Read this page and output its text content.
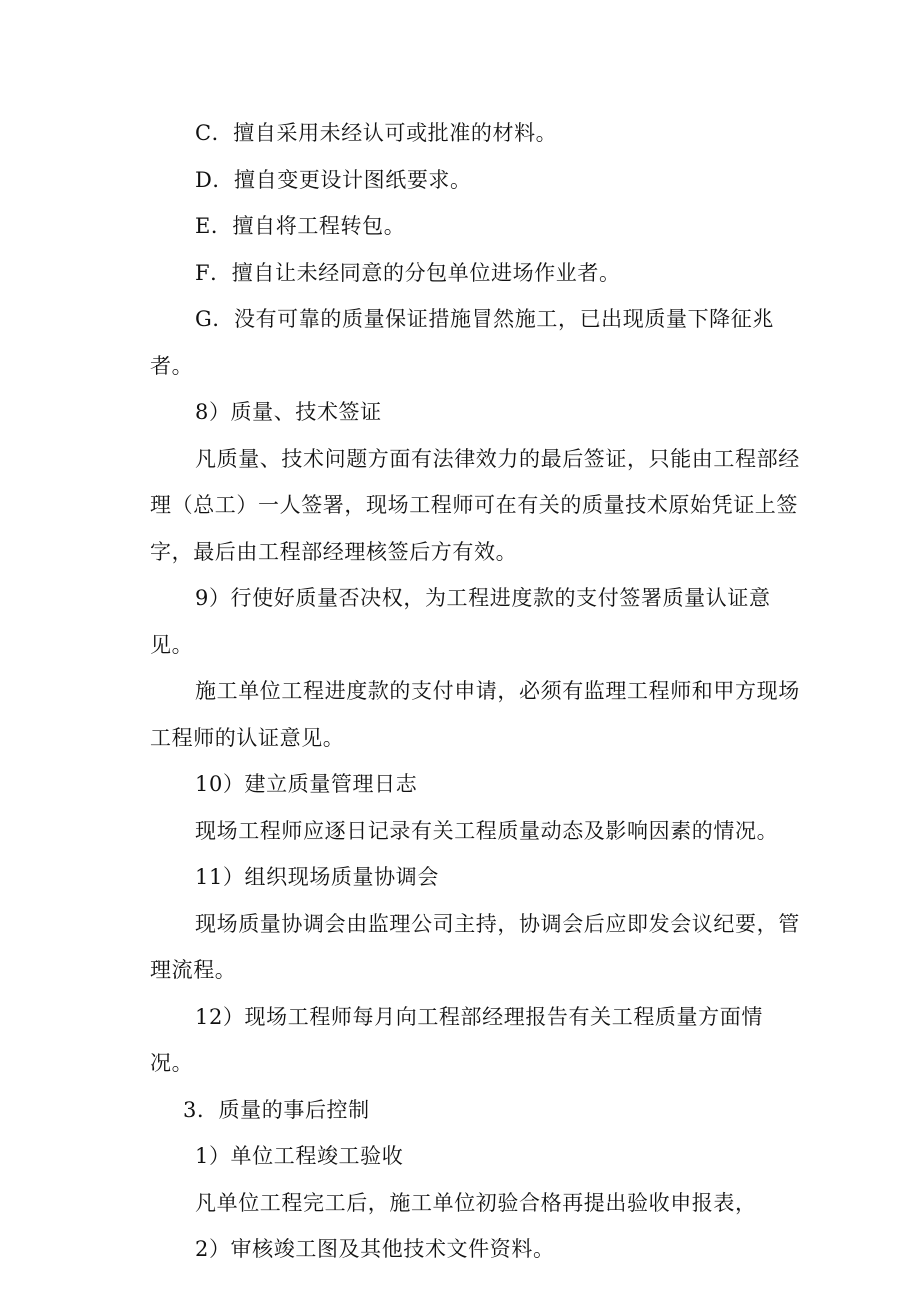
C．擅自采用未经认可或批准的材料。

D．擅自变更设计图纸要求。

E．擅自将工程转包。

F．擅自让未经同意的分包单位进场作业者。

G．没有可靠的质量保证措施冒然施工，已出现质量下降征兆者。

8）质量、技术签证

凡质量、技术问题方面有法律效力的最后签证，只能由工程部经理（总工）一人签署，现场工程师可在有关的质量技术原始凭证上签字，最后由工程部经理核签后方有效。

9）行使好质量否决权，为工程进度款的支付签署质量认证意见。

施工单位工程进度款的支付申请，必须有监理工程师和甲方现场工程师的认证意见。

10）建立质量管理日志

现场工程师应逐日记录有关工程质量动态及影响因素的情况。

11）组织现场质量协调会

现场质量协调会由监理公司主持，协调会后应即发会议纪要，管理流程。

12）现场工程师每月向工程部经理报告有关工程质量方面情况。

3．质量的事后控制

1）单位工程竣工验收

凡单位工程完工后，施工单位初验合格再提出验收申报表，

2）审核竣工图及其他技术文件资料。
